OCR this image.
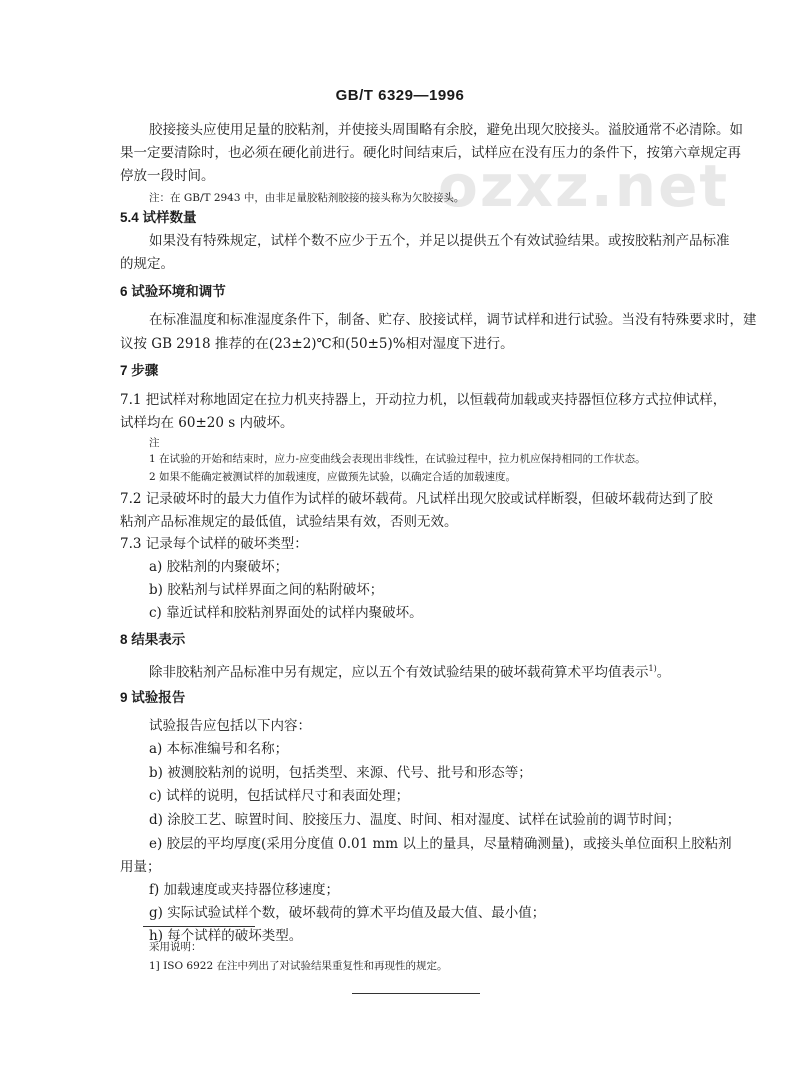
GB/T 6329—1996
ozxz.net
胶接接头应使用足量的胶粘剂，并使接头周围略有余胶，避免出现欠胶接头。溢胶通常不必清除。如
果一定要清除时，也必须在硬化前进行。硬化时间结束后，试样应在没有压力的条件下，按第六章规定再
停放一段时间。
注：在 GB/T 2943 中，由非足量胶粘剂胶接的接头称为欠胶接头。
5.4 试样数量
如果没有特殊规定，试样个数不应少于五个，并足以提供五个有效试验结果。或按胶粘剂产品标准
的规定。
6 试验环境和调节
在标准温度和标准湿度条件下，制备、贮存、胶接试样，调节试样和进行试验。当没有特殊要求时，建
议按 GB 2918 推荐的在(23±2)℃和(50±5)%相对湿度下进行。
7 步骤
7.1 把试样对称地固定在拉力机夹持器上，开动拉力机，以恒载荷加载或夹持器恒位移方式拉伸试样，
试样均在 60±20 s 内破坏。
注
1 在试验的开始和结束时，应力-应变曲线会表现出非线性，在试验过程中，拉力机应保持相同的工作状态。
2 如果不能确定被测试样的加载速度，应做预先试验，以确定合适的加载速度。
7.2 记录破坏时的最大力值作为试样的破坏载荷。凡试样出现欠胶或试样断裂，但破坏载荷达到了胶
粘剂产品标准规定的最低值，试验结果有效，否则无效。
7.3 记录每个试样的破坏类型：
a) 胶粘剂的内聚破坏；
b) 胶粘剂与试样界面之间的粘附破坏；
c) 靠近试样和胶粘剂界面处的试样内聚破坏。
8 结果表示
除非胶粘剂产品标准中另有规定，应以五个有效试验结果的破坏载荷算术平均值表示$^{1)}$。
9 试验报告
试验报告应包括以下内容：
a) 本标准编号和名称；
b) 被测胶粘剂的说明，包括类型、来源、代号、批号和形态等；
c) 试样的说明，包括试样尺寸和表面处理；
d) 涂胶工艺、晾置时间、胶接压力、温度、时间、相对湿度、试样在试验前的调节时间；
e) 胶层的平均厚度(采用分度值 0.01 mm 以上的量具，尽量精确测量)，或接头单位面积上胶粘剂
用量；
f) 加载速度或夹持器位移速度；
g) 实际试验试样个数，破坏载荷的算术平均值及最大值、最小值；
h) 每个试样的破坏类型。
采用说明：
1] ISO 6922 在注中列出了对试验结果重复性和再现性的规定。
